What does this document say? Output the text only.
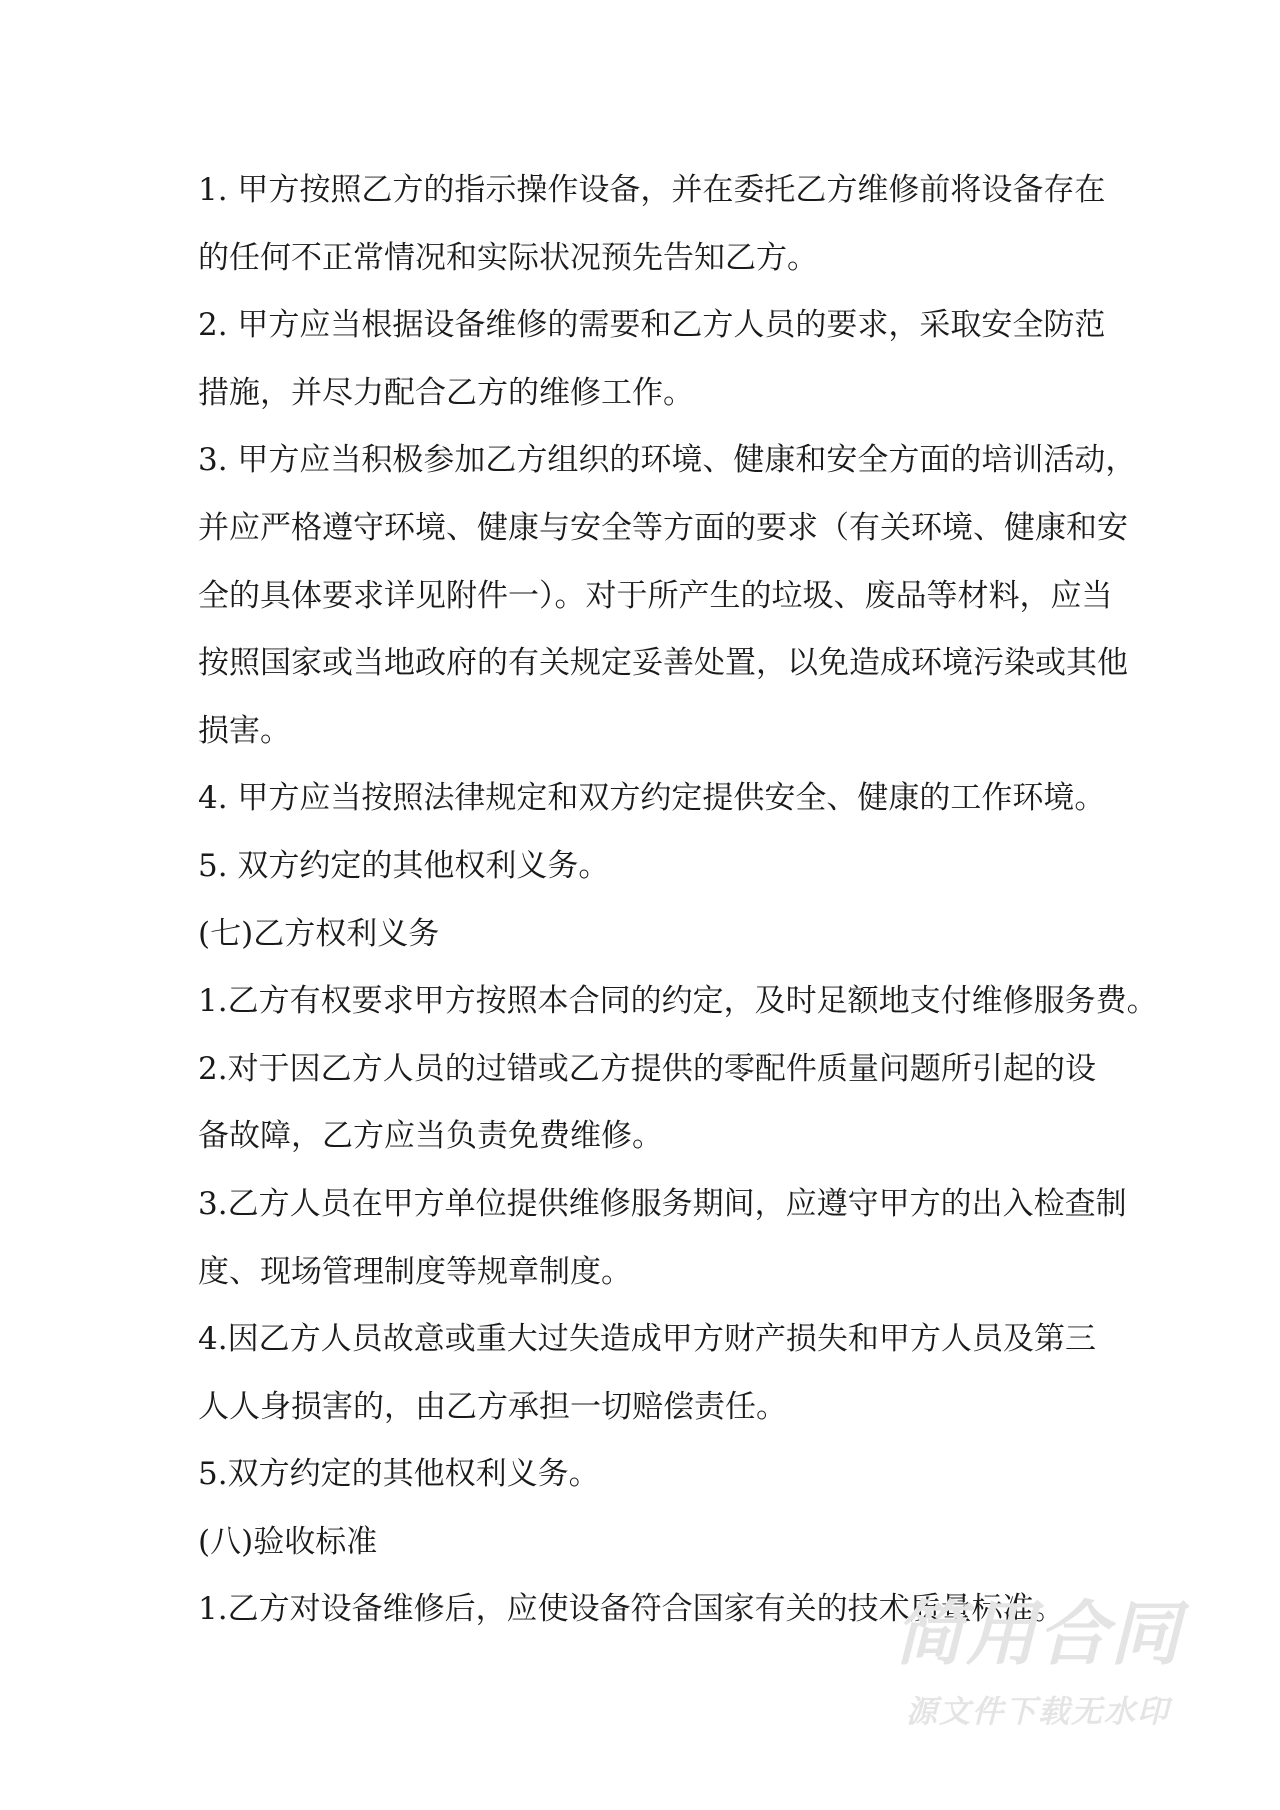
1. 甲方按照乙方的指示操作设备，并在委托乙方维修前将设备存在
的任何不正常情况和实际状况预先告知乙方。
2. 甲方应当根据设备维修的需要和乙方人员的要求，采取安全防范
措施，并尽力配合乙方的维修工作。
3. 甲方应当积极参加乙方组织的环境、健康和安全方面的培训活动，
并应严格遵守环境、健康与安全等方面的要求（有关环境、健康和安
全的具体要求详见附件一）。对于所产生的垃圾、废品等材料，应当
按照国家或当地政府的有关规定妥善处置，以免造成环境污染或其他
损害。
4. 甲方应当按照法律规定和双方约定提供安全、健康的工作环境。
5. 双方约定的其他权利义务。
(七)乙方权利义务
1.乙方有权要求甲方按照本合同的约定，及时足额地支付维修服务费。
2.对于因乙方人员的过错或乙方提供的零配件质量问题所引起的设
备故障，乙方应当负责免费维修。
3.乙方人员在甲方单位提供维修服务期间，应遵守甲方的出入检查制
度、现场管理制度等规章制度。
4.因乙方人员故意或重大过失造成甲方财产损失和甲方人员及第三
人人身损害的，由乙方承担一切赔偿责任。
5.双方约定的其他权利义务。
(八)验收标准
1.乙方对设备维修后，应使设备符合国家有关的技术质量标准。
简用合同
源文件下载无水印
